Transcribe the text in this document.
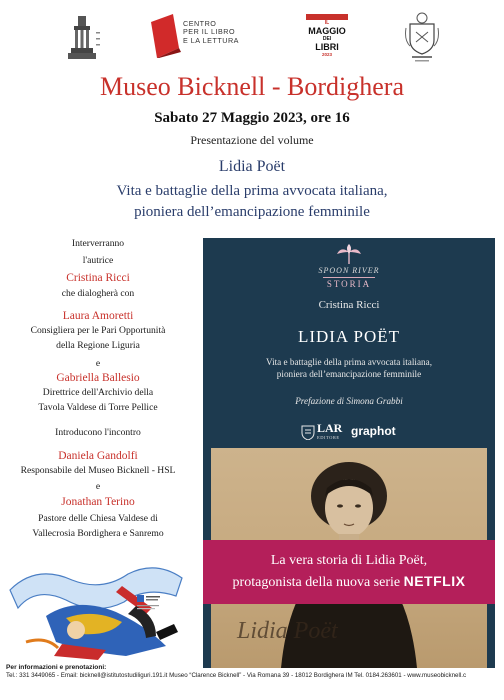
CENTRO
PER IL LIBRO
E LA LETTURA
IL
MAGGIO
DEI
LIBRI
2023
Museo Bicknell - Bordighera
Sabato 27 Maggio 2023, ore 16
Presentazione del volume
Lidia Poët
Vita e battaglie della prima avvocata italiana,
pioniera dell’emancipazione femminile
Interverranno
l'autrice
Cristina Ricci
che dialogherà con
Laura Amoretti
Consigliera per le Pari Opportunità
della Regione Liguria
e
Gabriella Ballesio
Direttrice dell'Archivio della
Tavola Valdese di Torre Pellice
Introducono l'incontro
Daniela Gandolfi
Responsabile del Museo Bicknell - HSL
e
Jonathan Terino
Pastore delle Chiesa Valdese di
Vallecrosia Bordighera e Sanremo
SPOON RIVER
STORIA
Cristina Ricci
LIDIA POËT
Vita e battaglie della prima avvocata italiana,
pioniera dell’emancipazione femminile
Prefazione di Simona Grabbi
LAR
EDITORE graphot
La vera storia di Lidia Poët,
protagonista della nuova serie NETFLIX
Lidia Poët
Per informazioni e prenotazioni:
Tel.: 331 3449065 - Email: bicknell@istitutostudiliguri.191.it Museo “Clarence Bicknell” - Via Romana 39 - 18012 Bordighera IM Tel. 0184.263601 - www.museobicknell.c
